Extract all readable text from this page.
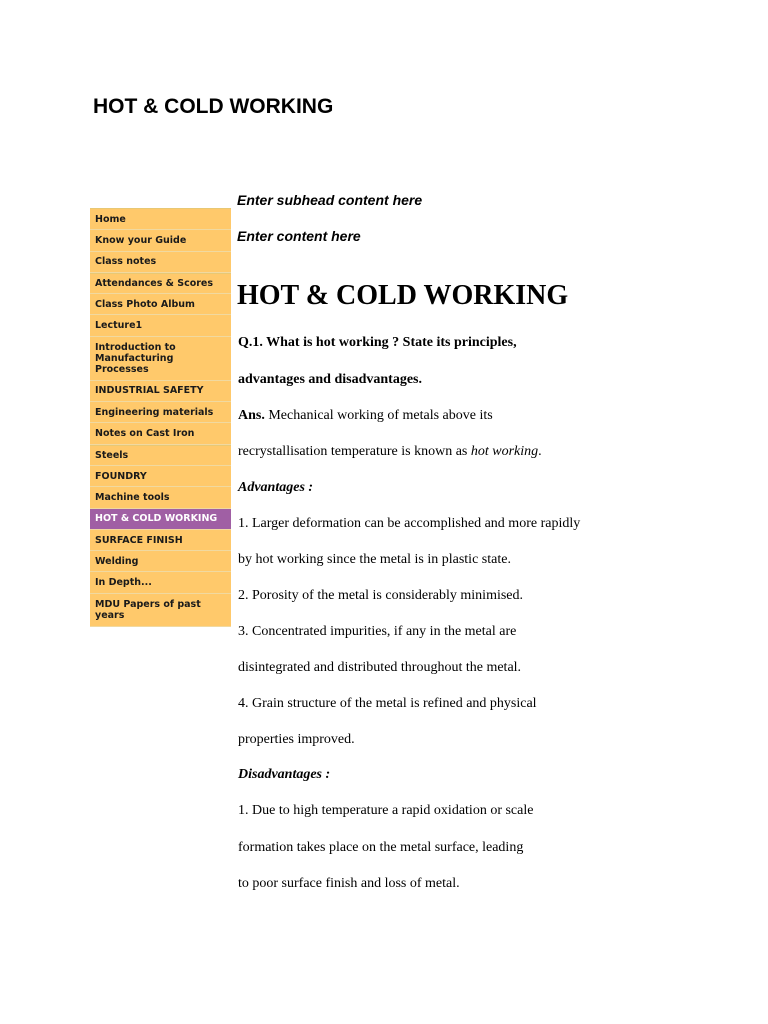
HOT & COLD WORKING
Home
Know your Guide
Class notes
Attendances & Scores
Class Photo Album
Lecture1
Introduction to Manufacturing Processes
INDUSTRIAL SAFETY
Engineering materials
Notes on Cast Iron
Steels
FOUNDRY
Machine tools
HOT & COLD WORKING
SURFACE FINISH
Welding
In Depth...
MDU Papers of past years
Enter subhead content here
Enter content here
HOT & COLD WORKING

Q.1. What is hot working ? State its principles,

advantages and disadvantages.

Ans. Mechanical working of metals above its

recrystallisation temperature is known as hot working.

Advantages :

1. Larger deformation can be accomplished and more rapidly

by hot working since the metal is in plastic state.

2. Porosity of the metal is considerably minimised.

3. Concentrated impurities, if any in the metal are

disintegrated and distributed throughout the metal.

4. Grain structure of the metal is refined and physical

properties improved.

Disadvantages :

1. Due to high temperature a rapid oxidation or scale

formation takes place on the metal surface, leading

to poor surface finish and loss of metal.
